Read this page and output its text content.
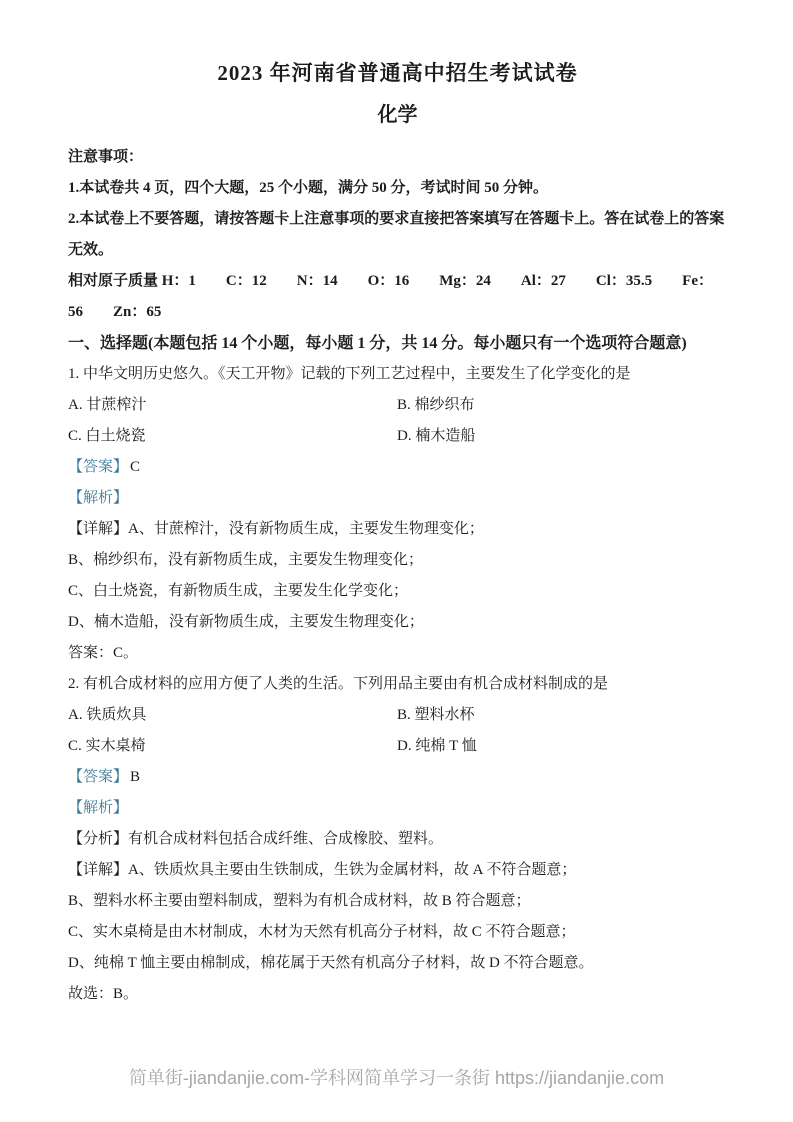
2023 年河南省普通高中招生考试试卷
化学

注意事项：

1.本试卷共 4 页，四个大题，25 个小题，满分 50 分，考试时间 50 分钟。

2.本试卷上不要答题，请按答题卡上注意事项的要求直接把答案填写在答题卡上。答在试卷上的答案无效。

相对原子质量 H：1　　C：12　　N：14　　O：16　　Mg：24　　Al：27　　Cl：35.5　　Fe：

56　　Zn：65

一、选择题(本题包括 14 个小题，每小题 1 分，共 14 分。每小题只有一个选项符合题意)

1. 中华文明历史悠久。《天工开物》记载的下列工艺过程中，主要发生了化学变化的是

A. 甘蔗榨汁	B. 棉纱织布
C. 白土烧瓷	D. 楠木造船

【答案】 C

【解析】

【详解】A、甘蔗榨汁，没有新物质生成，主要发生物理变化；

B、棉纱织布，没有新物质生成，主要发生物理变化；

C、白土烧瓷，有新物质生成，主要发生化学变化；

D、楠木造船，没有新物质生成，主要发生物理变化；

答案：C。

2. 有机合成材料的应用方便了人类的生活。下列用品主要由有机合成材料制成的是

A. 铁质炊具	B. 塑料水杯
C. 实木桌椅	D. 纯棉 T 恤

【答案】 B

【解析】

【分析】有机合成材料包括合成纤维、合成橡胶、塑料。

【详解】A、铁质炊具主要由生铁制成，生铁为金属材料，故 A 不符合题意；

B、塑料水杯主要由塑料制成，塑料为有机合成材料，故 B 符合题意；

C、实木桌椅是由木材制成，木材为天然有机高分子材料，故 C 不符合题意；

D、纯棉 T 恤主要由棉制成，棉花属于天然有机高分子材料，故 D 不符合题意。

故选：B。

简单街-jiandanjie.com-学科网简单学习一条街 https://jiandanjie.com
